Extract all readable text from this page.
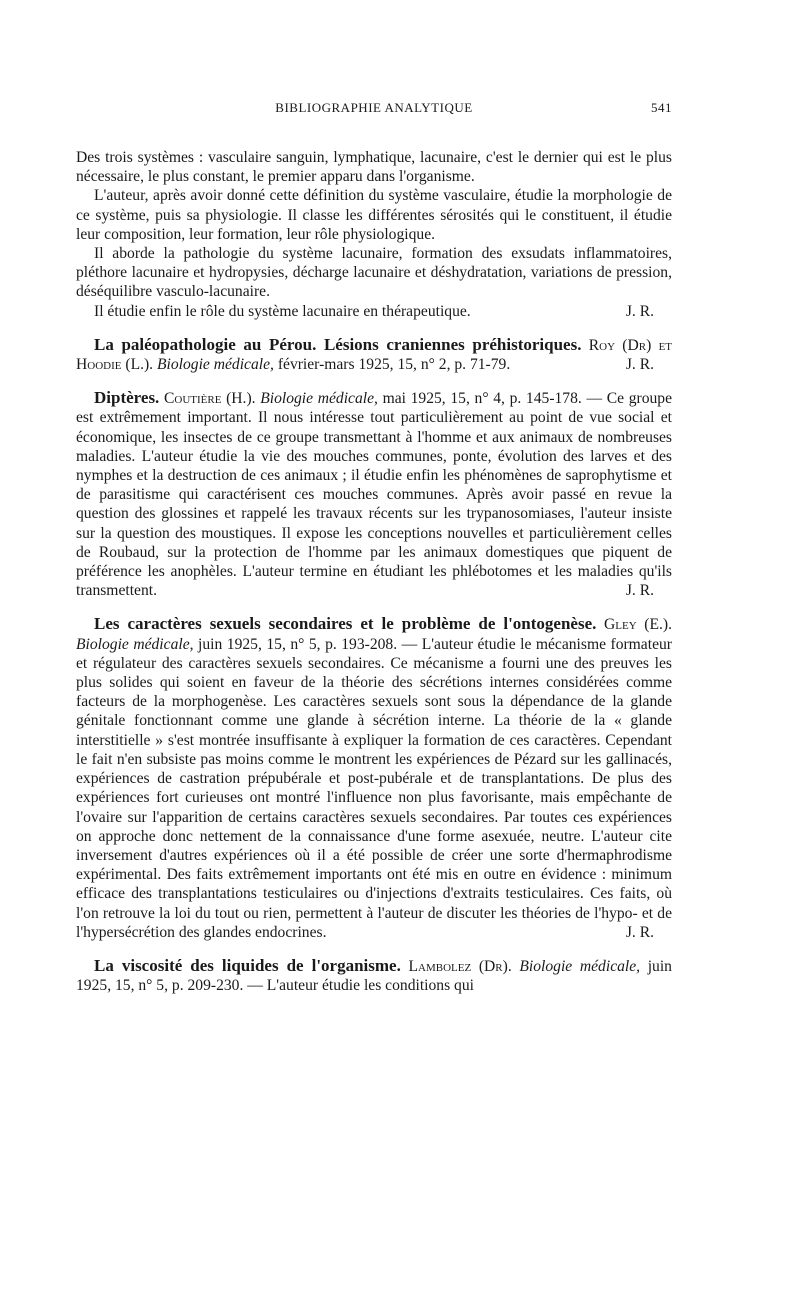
BIBLIOGRAPHIE ANALYTIQUE	541

Des trois systèmes : vasculaire sanguin, lymphatique, lacunaire, c'est le dernier qui est le plus nécessaire, le plus constant, le premier apparu dans l'organisme.

L'auteur, après avoir donné cette définition du système vasculaire, étudie la morphologie de ce système, puis sa physiologie. Il classe les différentes sérosités qui le constituent, il étudie leur composition, leur formation, leur rôle physiologique.

Il aborde la pathologie du système lacunaire, formation des exsudats inflammatoires, pléthore lacunaire et hydropysies, décharge lacunaire et déshydratation, variations de pression, déséquilibre vasculo-lacunaire.

Il étudie enfin le rôle du système lacunaire en thérapeutique.	J. R.

La paléopathologie au Pérou. Lésions craniennes préhistoriques. Roy (Dr) et Hoodie (L.). Biologie médicale, février-mars 1925, 15, n° 2, p. 71-79.	J. R.

Diptères. Coutière (H.). Biologie médicale, mai 1925, 15, n° 4, p. 145-178. — Ce groupe est extrêmement important. Il nous intéresse tout particulièrement au point de vue social et économique, les insectes de ce groupe transmettant à l'homme et aux animaux de nombreuses maladies. L'auteur étudie la vie des mouches communes, ponte, évolution des larves et des nymphes et la destruction de ces animaux ; il étudie enfin les phénomènes de saprophytisme et de parasitisme qui caractérisent ces mouches communes. Après avoir passé en revue la question des glossines et rappelé les travaux récents sur les trypanosomiases, l'auteur insiste sur la question des moustiques. Il expose les conceptions nouvelles et particulièrement celles de Roubaud, sur la protection de l'homme par les animaux domestiques que piquent de préférence les anophèles. L'auteur termine en étudiant les phlébotomes et les maladies qu'ils transmettent.	J. R.

Les caractères sexuels secondaires et le problème de l'ontogenèse. Gley (E.). Biologie médicale, juin 1925, 15, n° 5, p. 193-208. — L'auteur étudie le mécanisme formateur et régulateur des caractères sexuels secondaires. Ce mécanisme a fourni une des preuves les plus solides qui soient en faveur de la théorie des sécrétions internes considérées comme facteurs de la morphogenèse. Les caractères sexuels sont sous la dépendance de la glande génitale fonctionnant comme une glande à sécrétion interne. La théorie de la « glande interstitielle » s'est montrée insuffisante à expliquer la formation de ces caractères. Cependant le fait n'en subsiste pas moins comme le montrent les expériences de Pézard sur les gallinacés, expériences de castration prépubérale et post-pubérale et de transplantations. De plus des expériences fort curieuses ont montré l'influence non plus favorisante, mais empêchante de l'ovaire sur l'apparition de certains caractères sexuels secondaires. Par toutes ces expériences on approche donc nettement de la connaissance d'une forme asexuée, neutre. L'auteur cite inversement d'autres expériences où il a été possible de créer une sorte d'hermaphrodisme expérimental. Des faits extrêmement importants ont été mis en outre en évidence : minimum efficace des transplantations testiculaires ou d'injections d'extraits testiculaires. Ces faits, où l'on retrouve la loi du tout ou rien, permettent à l'auteur de discuter les théories de l'hypo- et de l'hypersécrétion des glandes endocrines.	J. R.

La viscosité des liquides de l'organisme. Lambolez (Dr). Biologie médicale, juin 1925, 15, n° 5, p. 209-230. — L'auteur étudie les conditions qui
